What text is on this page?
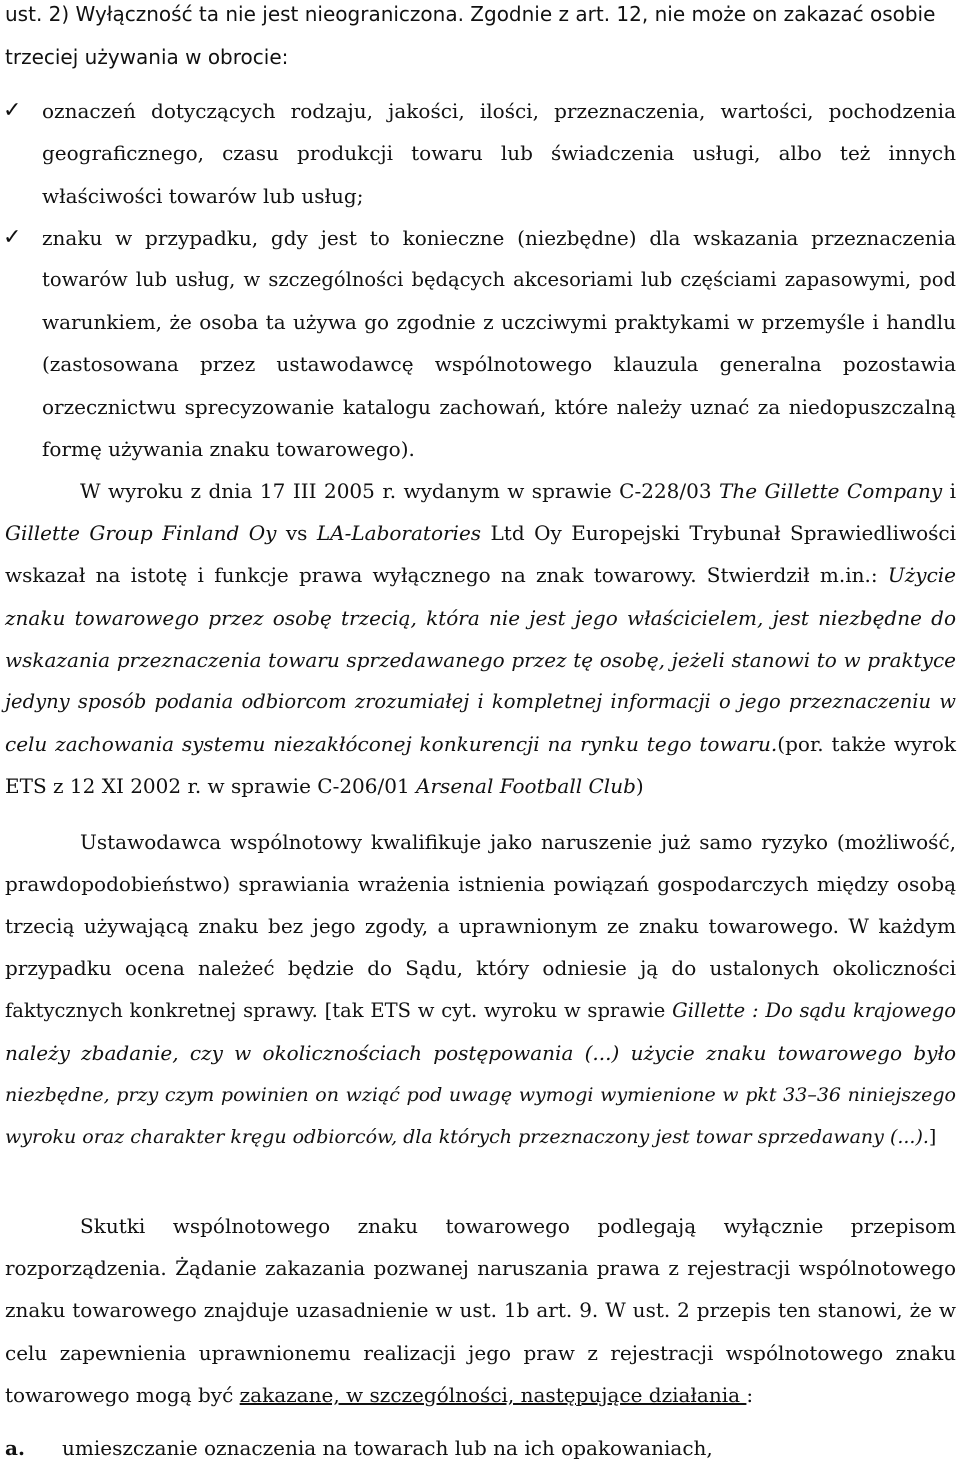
ust. 2) Wyłączność ta nie jest nieograniczona. Zgodnie z art. 12, nie może on zakazać osobie
trzeciej używania w obrocie:
✓ oznaczeń dotyczących rodzaju, jakości, ilości, przeznaczenia, wartości, pochodzenia
geograficznego, czasu produkcji towaru lub świadczenia usługi, albo też innych
właściwości towarów lub usług;
✓ znaku w przypadku, gdy jest to konieczne (niezbędne) dla wskazania przeznaczenia
towarów lub usług, w szczególności będących akcesoriami lub częściami zapasowymi, pod
warunkiem, że osoba ta używa go zgodnie z uczciwymi praktykami w przemyśle i handlu
(zastosowana przez ustawodawcę wspólnotowego klauzula generalna pozostawia
orzecznictwu sprecyzowanie katalogu zachowań, które należy uznać za niedopuszczalną
formę używania znaku towarowego).
W wyroku z dnia 17 III 2005 r. wydanym w sprawie C-228/03 The Gillette Company i
Gillette Group Finland Oy vs LA-Laboratories Ltd Oy Europejski Trybunał Sprawiedliwości
wskazał na istotę i funkcje prawa wyłącznego na znak towarowy. Stwierdził m.in.: Użycie
znaku towarowego przez osobę trzecią, która nie jest jego właścicielem, jest niezbędne do
wskazania przeznaczenia towaru sprzedawanego przez tę osobę, jeżeli stanowi to w praktyce
jedyny sposób podania odbiorcom zrozumiałej i kompletnej informacji o jego przeznaczeniu w
celu zachowania systemu niezakłóconej konkurencji na rynku tego towaru.(por. także wyrok
ETS z 12 XI 2002 r. w sprawie C-206/01 Arsenal Football Club)
Ustawodawca wspólnotowy kwalifikuje jako naruszenie już samo ryzyko (możliwość,
prawdopodobieństwo) sprawiania wrażenia istnienia powiązań gospodarczych między osobą
trzecią używającą znaku bez jego zgody, a uprawnionym ze znaku towarowego. W każdym
przypadku ocena należeć będzie do Sądu, który odniesie ją do ustalonych okoliczności
faktycznych konkretnej sprawy. [tak ETS w cyt. wyroku w sprawie Gillette : Do sądu krajowego
należy zbadanie, czy w okolicznościach postępowania (...) użycie znaku towarowego było
niezbędne, przy czym powinien on wziąć pod uwagę wymogi wymienione w pkt 33–36 niniejszego
wyroku oraz charakter kręgu odbiorców, dla których przeznaczony jest towar sprzedawany (...).]
Skutki wspólnotowego znaku towarowego podlegają wyłącznie przepisom
rozporządzenia. Żądanie zakazania pozwanej naruszania prawa z rejestracji wspólnotowego
znaku towarowego znajduje uzasadnienie w ust. 1b art. 9. W ust. 2 przepis ten stanowi, że w
celu zapewnienia uprawnionemu realizacji jego praw z rejestracji wspólnotowego znaku
towarowego mogą być zakazane, w szczególności, następujące działania :
a.	umieszczanie oznaczenia na towarach lub na ich opakowaniach,
